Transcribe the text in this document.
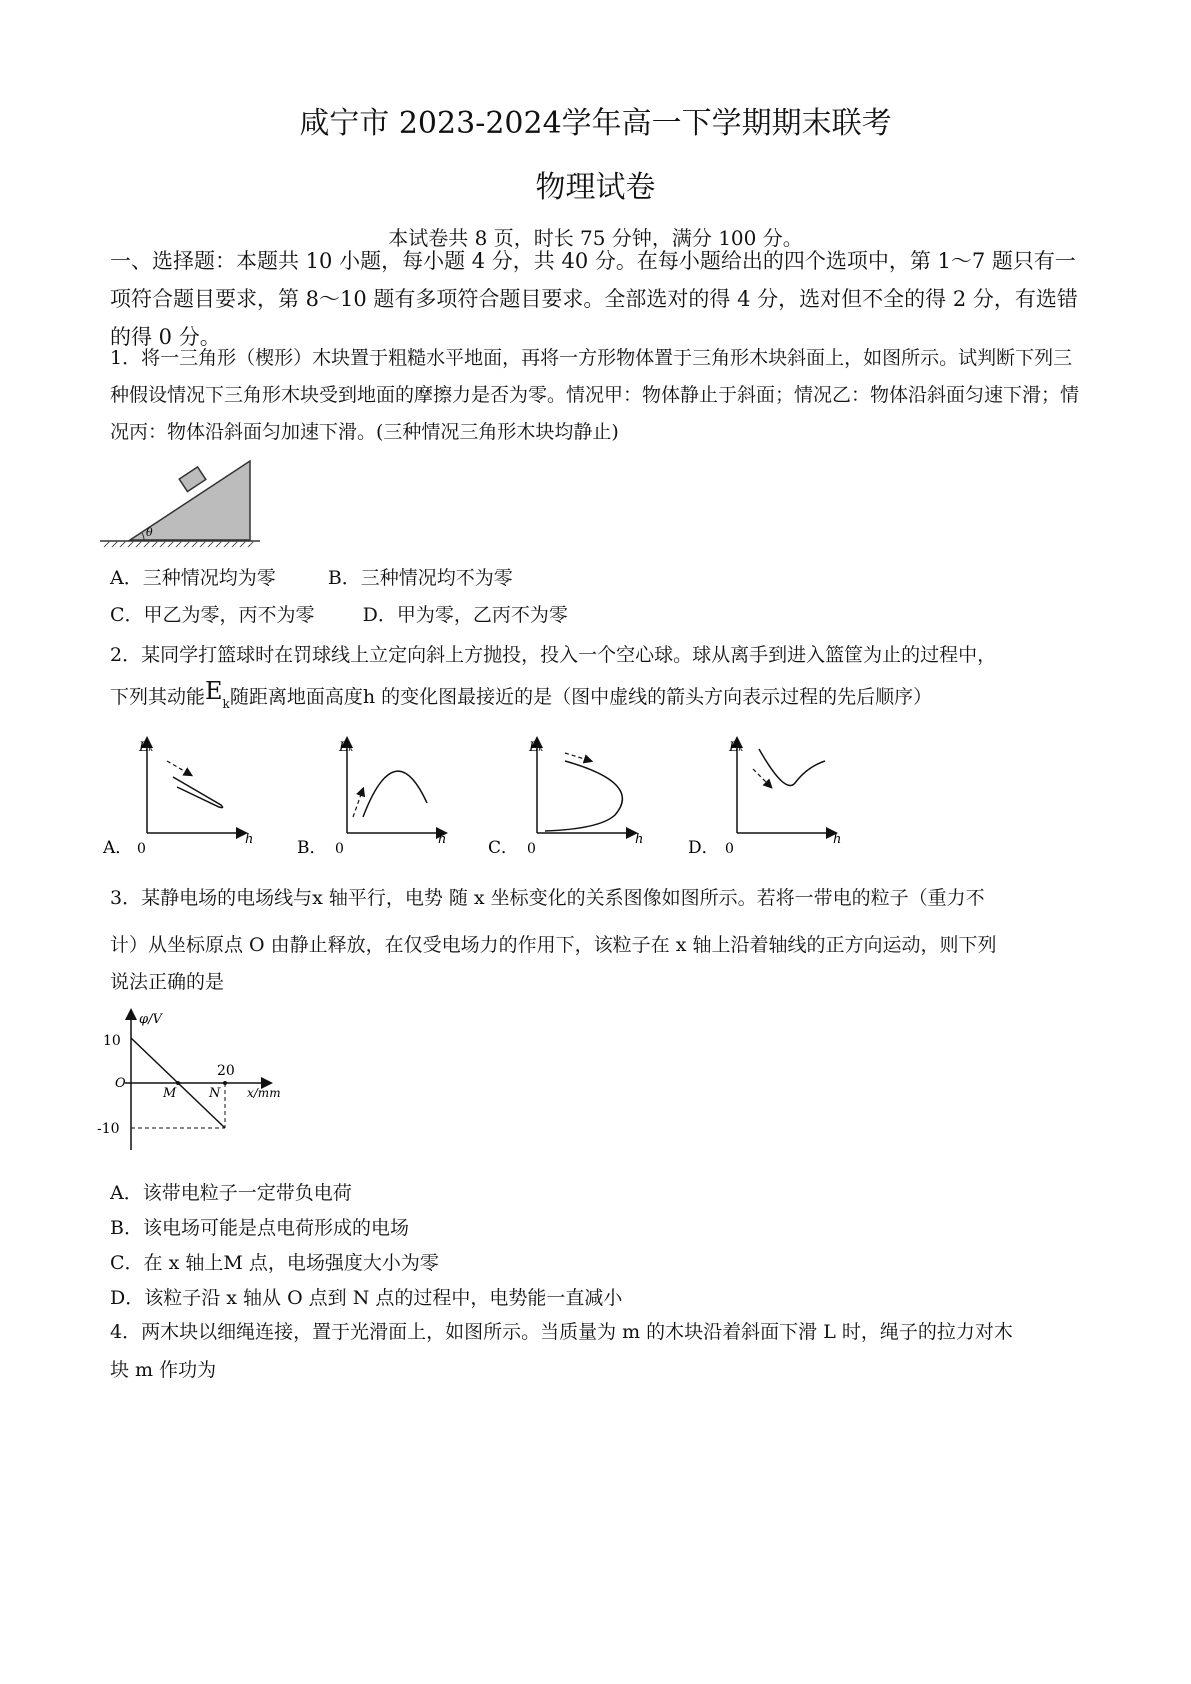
咸宁市 2023-2024学年高一下学期期末联考
物理试卷
本试卷共 8 页，时长 75 分钟，满分 100 分。
一、选择题：本题共 10 小题，每小题 4 分，共 40 分。在每小题给出的四个选项中，第 1～7 题只有一项符合题目要求，第 8～10 题有多项符合题目要求。全部选对的得 4 分，选对但不全的得 2 分，有选错的得 0 分。
1．将一三角形（楔形）木块置于粗糙水平地面，再将一方形物体置于三角形木块斜面上，如图所示。试判断下列三种假设情况下三角形木块受到地面的摩擦力是否为零。情况甲：物体静止于斜面；情况乙：物体沿斜面匀速下滑；情况丙：物体沿斜面匀加速下滑。(三种情况三角形木块均静止)
θ
A．三种情况均为零	B．三种情况均不为零
C．甲乙为零，丙不为零	D．甲为零，乙丙不为零
2．某同学打篮球时在罚球线上立定向斜上方抛投，投入一个空心球。球从离手到进入篮筐为止的过程中，
下列其动能$E_k$随距离地面高度h 的变化图最接近的是（图中虚线的箭头方向表示过程的先后顺序）
Eₖ
h
0
A．
Eₖ
h
0
B．
Eₖ
h
0
C．
Eₖ
h
0
D．
3．某静电场的电场线与x 轴平行，电势 随 x 坐标变化的关系图像如图所示。若将一带电的粒子（重力不
计）从坐标原点 O 由静止释放，在仅受电场力的作用下，该粒子在 x 轴上沿着轴线的正方向运动，则下列
说法正确的是
φ/V
x/mm
10
-10
20
O
M	N
A．该带电粒子一定带负电荷
B．该电场可能是点电荷形成的电场
C．在 x 轴上M 点，电场强度大小为零
D．该粒子沿 x 轴从 O 点到 N 点的过程中，电势能一直减小
4．两木块以细绳连接，置于光滑面上，如图所示。当质量为 m 的木块沿着斜面下滑 L 时，绳子的拉力对木
块 m 作功为
